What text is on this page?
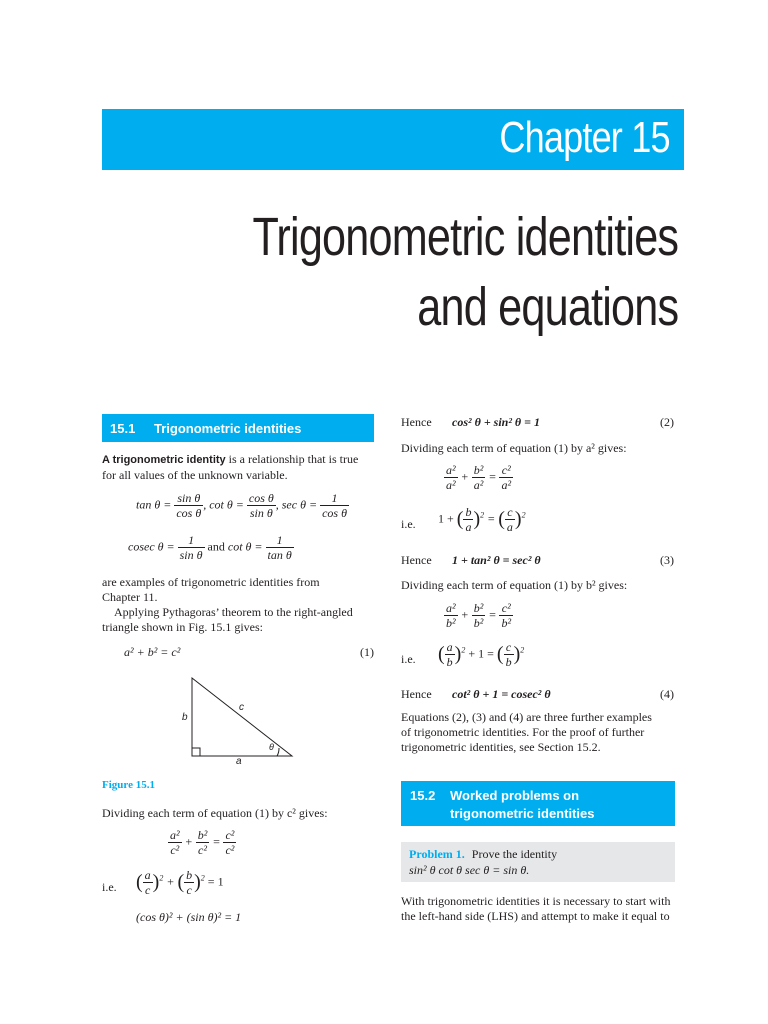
Chapter 15
Trigonometric identities
and equations
15.1 Trigonometric identities
A trigonometric identity is a relationship that is true
for all values of the unknown variable.
$\tan \theta = \frac{\text{sin θ}}{\text{cos θ}}$ , $\cot \theta = \frac{\text{cos θ}}{\text{sin θ}}$ , $\sec \theta = \frac{1}{\text{cos θ}}$
cosec $\theta = \frac{1}{\text{sin θ}}$ and $\cot \theta = \frac{1}{\text{tan θ}}$
are examples of trigonometric identities from
Chapter 11.
Applying Pythagoras’ theorem to the right-angled
triangle shown in Fig. 15.1 gives:
a² + b² = c²	(1)
b
c
a
θ
Figure 15.1
Dividing each term of equation (1) by c² gives:
$\frac{\text{a²}}{\text{c²}} + \frac{\text{b²}}{\text{c²}} = \frac{\text{c²}}{\text{c²}}$
i.e. ( $\frac{a}{c} )^2$ + ( $\frac{b}{c} )^2 = 1$
(cos θ)² + (sin θ)² = 1
Hence cos² θ + sin² θ = 1	(2)
Dividing each term of equation (1) by a² gives:
$\frac{\text{a²}}{\text{a²}} + \frac{\text{b²}}{\text{a²}} = \frac{\text{c²}}{\text{a²}}$
i.e. 1 + ( $\frac{b}{a} )^2$ = ( $\frac{c}{a} )^2$
Hence 1 + tan² θ = sec² θ	(3)
Dividing each term of equation (1) by b² gives:
$\frac{\text{a²}}{\text{b²}} + \frac{\text{b²}}{\text{b²}} = \frac{\text{c²}}{\text{b²}}$
i.e. ( $\frac{a}{b} )^2 + 1$ = ( $\frac{c}{b} )^2$
Hence cot² θ + 1 = cosec² θ	(4)
Equations (2), (3) and (4) are three further examples
of trigonometric identities. For the proof of further
trigonometric identities, see Section 15.2.
15.2 Worked problems on
trigonometric identities
Problem 1. Prove the identity
sin² θ cot θ sec θ = sin θ.
With trigonometric identities it is necessary to start with
the left-hand side (LHS) and attempt to make it equal to
